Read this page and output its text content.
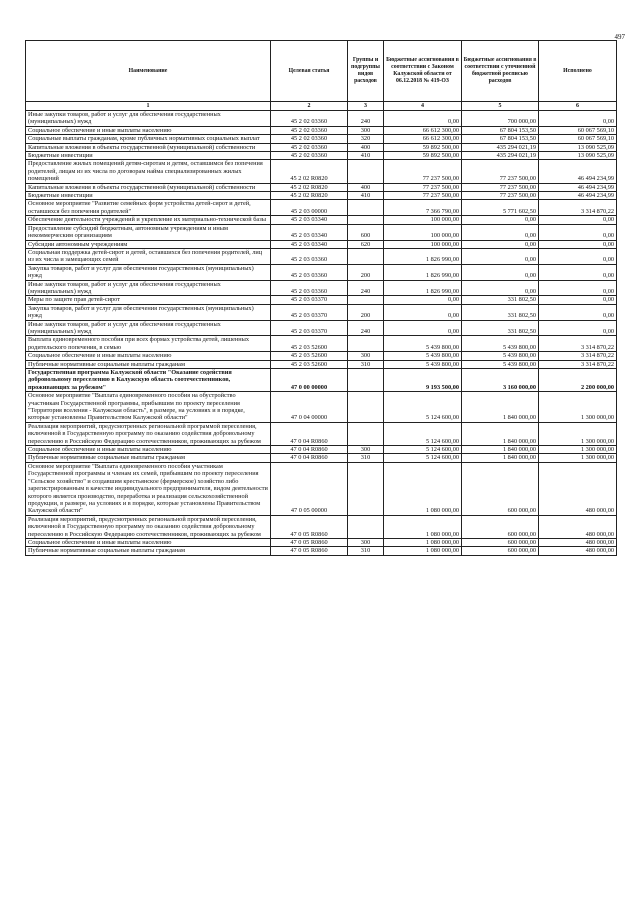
497
Наименование	Целевая статья	Группы и подгруппы видов расходов	Бюджетные ассигнования в соответствии с Законом Калужской области от 06.12.2018 № 419-ОЗ	Бюджетные ассигнования в соответствии с уточненной бюджетной росписью расходов	Исполнено
1	2	3	4	5	6
Иные закупки товаров, работ и услуг для обеспечения государственных (муниципальных) нужд	45 2 02 03360	240	0,00	700 000,00	0,00
Социальное обеспечение и иные выплаты населению	45 2 02 03360	300	66 612 300,00	67 804 153,50	60 067 569,10
Социальные выплаты гражданам, кроме публичных нормативных социальных выплат	45 2 02 03360	320	66 612 300,00	67 804 153,50	60 067 569,10
Капитальные вложения в объекты государственной (муниципальной) собственности	45 2 02 03360	400	59 892 500,00	435 294 021,19	13 090 525,09
Бюджетные инвестиции	45 2 02 03360	410	59 892 500,00	435 294 021,19	13 090 525,09
Предоставление жилых помещений детям-сиротам и детям, оставшимся без попечения родителей, лицам из их числа по договорам найма специализированных жилых помещений	45 2 02 R0820		77 237 500,00	77 237 500,00	46 494 234,99
Капитальные вложения в объекты государственной (муниципальной) собственности	45 2 02 R0820	400	77 237 500,00	77 237 500,00	46 494 234,99
Бюджетные инвестиции	45 2 02 R0820	410	77 237 500,00	77 237 500,00	46 494 234,99
Основное мероприятие "Развитие семейных форм устройства детей-сирот и детей, оставшихся без попечения родителей"	45 2 03 00000		7 366 790,00	5 771 602,50	3 314 870,22
Обеспечение деятельности учреждений и укрепление их материально-технической базы	45 2 03 03340		100 000,00	0,00	0,00
Предоставление субсидий бюджетным, автономным учреждениям и иным некоммерческим организациям	45 2 03 03340	600	100 000,00	0,00	0,00
Субсидии автономным учреждениям	45 2 03 03340	620	100 000,00	0,00	0,00
Социальная поддержка детей-сирот и детей, оставшихся без попечения родителей, лиц из их числа и замещающих семей	45 2 03 03360		1 826 990,00	0,00	0,00
Закупка товаров, работ и услуг для обеспечения государственных (муниципальных) нужд	45 2 03 03360	200	1 826 990,00	0,00	0,00
Иные закупки товаров, работ и услуг для обеспечения государственных (муниципальных) нужд	45 2 03 03360	240	1 826 990,00	0,00	0,00
Меры по защите прав детей-сирот	45 2 03 03370		0,00	331 802,50	0,00
Закупка товаров, работ и услуг для обеспечения государственных (муниципальных) нужд	45 2 03 03370	200	0,00	331 802,50	0,00
Иные закупки товаров, работ и услуг для обеспечения государственных (муниципальных) нужд	45 2 03 03370	240	0,00	331 802,50	0,00
Выплата единовременного пособия при всех формах устройства детей, лишенных родительского попечения, в семью	45 2 03 52600		5 439 800,00	5 439 800,00	3 314 870,22
Социальное обеспечение и иные выплаты населению	45 2 03 52600	300	5 439 800,00	5 439 800,00	3 314 870,22
Публичные нормативные социальные выплаты гражданам	45 2 03 52600	310	5 439 800,00	5 439 800,00	3 314 870,22
Государственная программа Калужской области "Оказание содействия добровольному переселению в Калужскую область соотечественников, проживающих за рубежом"	47 0 00 00000		9 193 500,00	3 160 000,00	2 200 000,00
Основное мероприятие "Выплата единовременного пособия на обустройство участникам Государственной программы, прибывшим по проекту переселения "Территория вселения - Калужская область", в размере, на условиях и в порядке, которые установлены Правительством Калужской области"	47 0 04 00000		5 124 600,00	1 840 000,00	1 300 000,00
Реализация мероприятий, предусмотренных региональной программой переселения, включенной в Государственную программу по оказанию содействия добровольному переселению в Российскую Федерацию соотечественников, проживающих за рубежом	47 0 04 R0860		5 124 600,00	1 840 000,00	1 300 000,00
Социальное обеспечение и иные выплаты населению	47 0 04 R0860	300	5 124 600,00	1 840 000,00	1 300 000,00
Публичные нормативные социальные выплаты гражданам	47 0 04 R0860	310	5 124 600,00	1 840 000,00	1 300 000,00
Основное мероприятие "Выплата единовременного пособия участникам Государственной программы и членам их семей, прибывшим по проекту переселения "Сельское хозяйство" и создавшим крестьянское (фермерское) хозяйство либо зарегистрированным в качестве индивидуального предпринимателя, видом деятельности которого является производство, переработка и реализация сельскохозяйственной продукции, в размере, на условиях и в порядке, которые установлены Правительством Калужской области"	47 0 05 00000		1 080 000,00	600 000,00	480 000,00
Реализация мероприятий, предусмотренных региональной программой переселения, включенной в Государственную программу по оказанию содействия добровольному переселению в Российскую Федерацию соотечественников, проживающих за рубежом	47 0 05 R0860		1 080 000,00	600 000,00	480 000,00
Социальное обеспечение и иные выплаты населению	47 0 05 R0860	300	1 080 000,00	600 000,00	480 000,00
Публичные нормативные социальные выплаты гражданам	47 0 05 R0860	310	1 080 000,00	600 000,00	480 000,00
